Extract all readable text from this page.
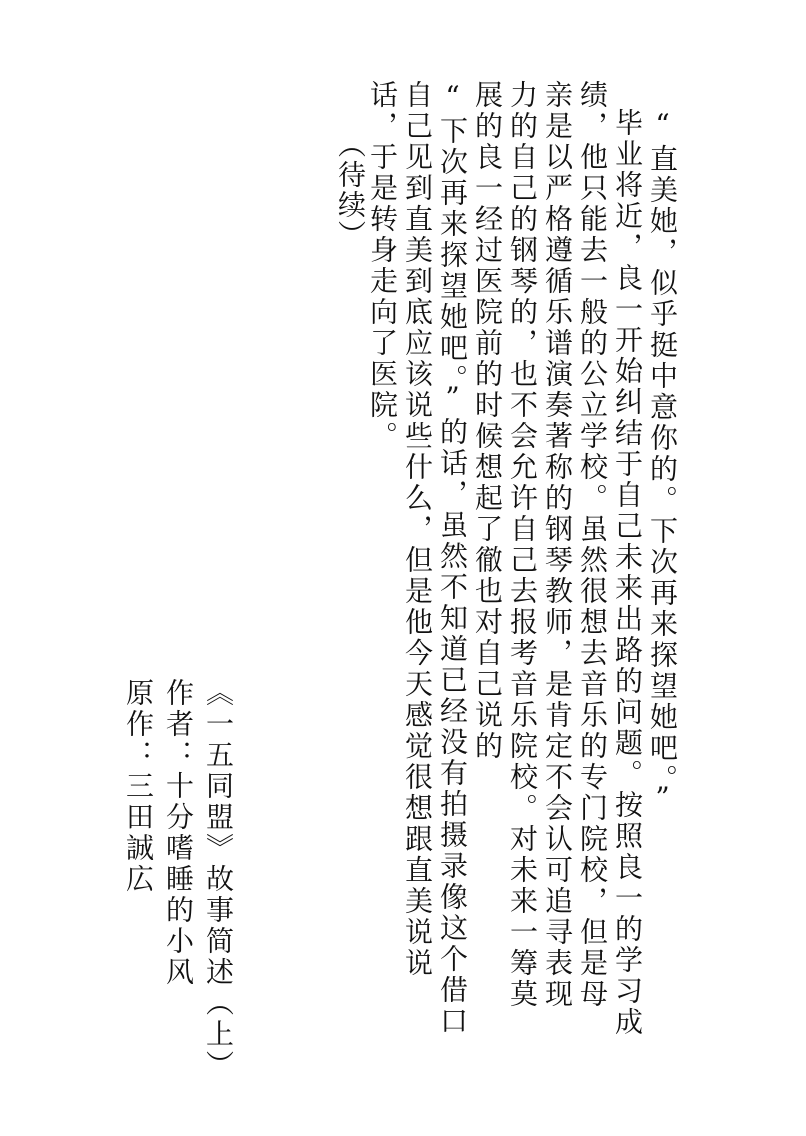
“直美她，似乎挺中意你的。下次再来探望她吧。”

毕业将近，良一开始纠结于自己未来出路的问题。按照良一的学习成绩，他只能去一般的公立学校。虽然很想去音乐的专门院校，但是母亲是以严格遵循乐谱演奏著称的钢琴教师，是肯定不会认可追寻表现力的自己的钢琴的，也不会允许自己去报考音乐院校。对未来一筹莫展的良一经过医院前的时候想起了徹也对自己说的

“下次再来探望她吧。”的话，虽然不知道已经没有拍摄录像这个借口自己见到直美到底应该说些什么，但是他今天感觉很想跟直美说说话，于是转身走向了医院。

（待续）
《一五同盟》故事简述（上）
作者：十分嗜睡的小风
原作：三田誠広
